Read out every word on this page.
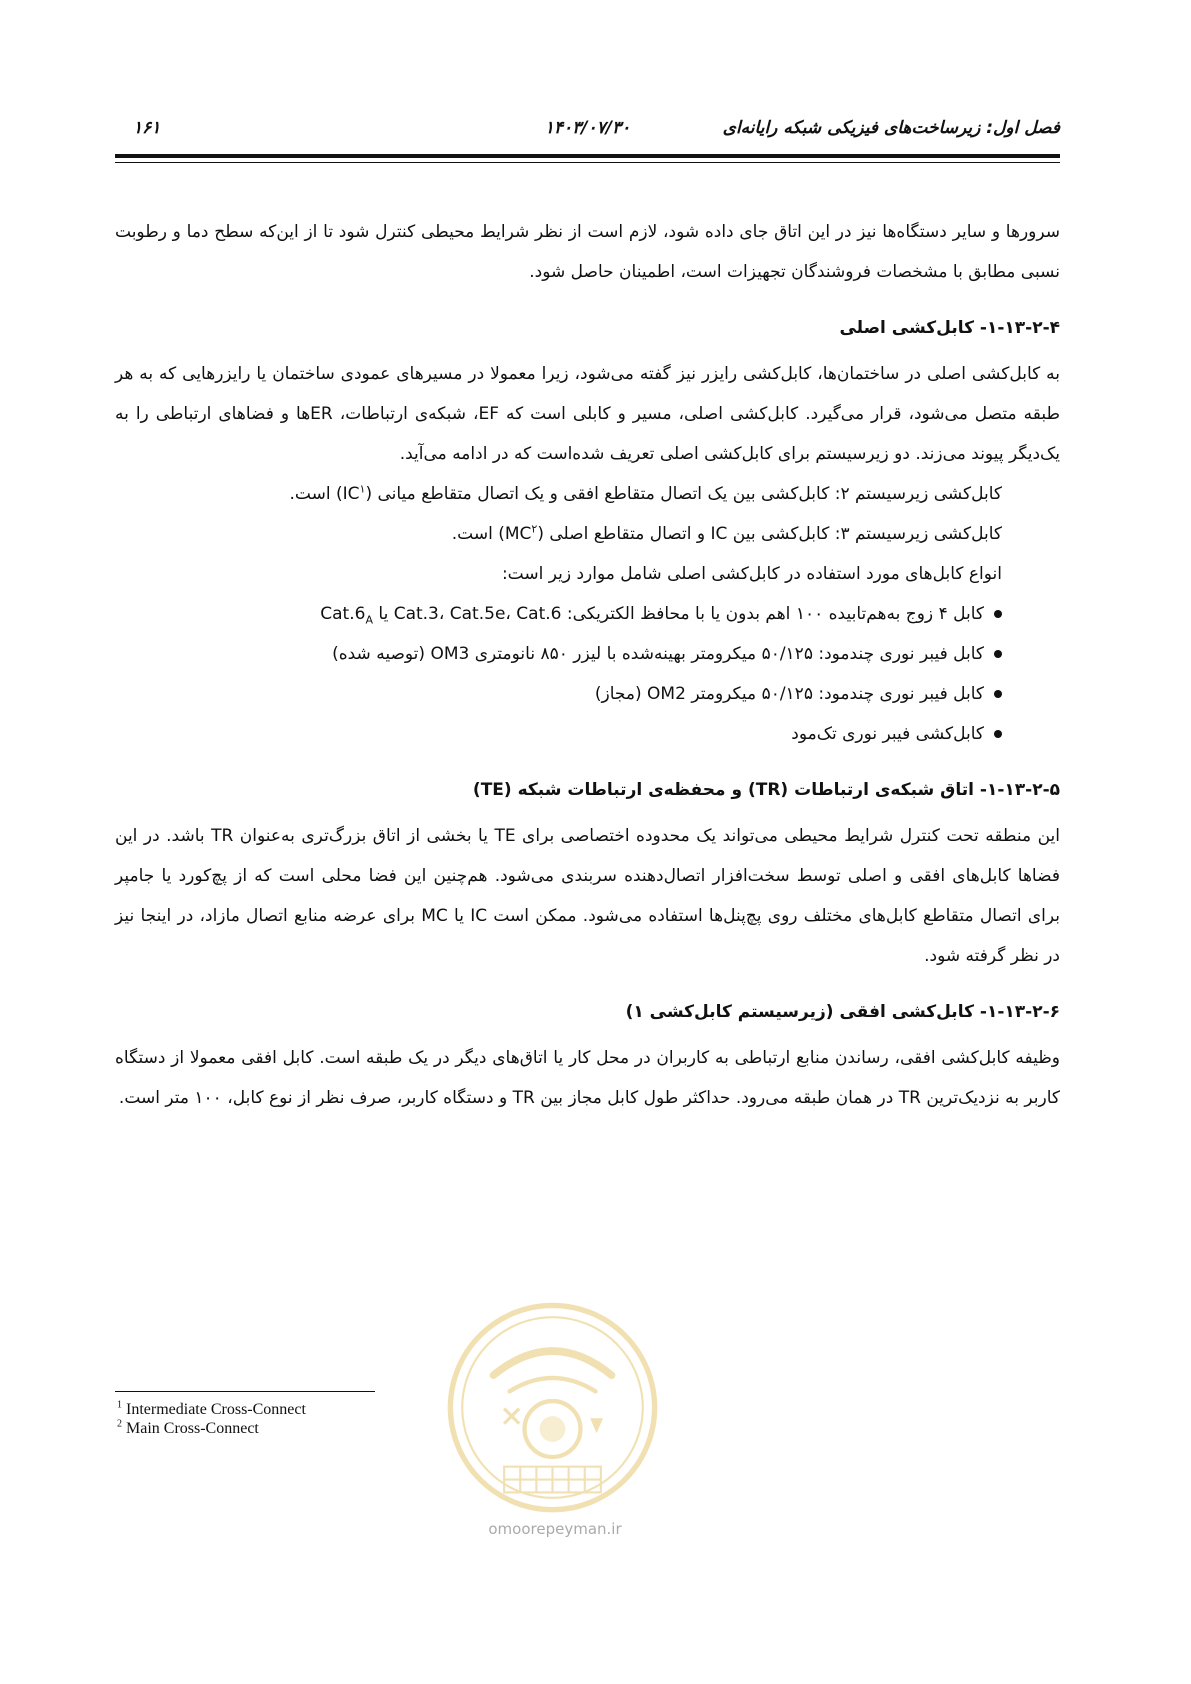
فصل اول: زیرساخت‌های فیزیکی شبکه رایانه‌ای
۱۴۰۳/۰۷/۳۰
۱۶۱

سرورها و سایر دستگاه‌ها نیز در این اتاق جای داده شود، لازم است از نظر شرایط محیطی کنترل شود تا از این‌که سطح دما و رطوبت نسبی مطابق با مشخصات فروشندگان تجهیزات است، اطمینان حاصل شود.

۱-۱۳-۲-۴- کابل‌کشی اصلی

به کابل‌کشی اصلی در ساختمان‌ها، کابل‌کشی رایزر نیز گفته می‌شود، زیرا معمولا در مسیرهای عمودی ساختمان یا رایزرهایی که به هر طبقه متصل می‌شود، قرار می‌گیرد. کابل‌کشی اصلی، مسیر و کابلی است که EF، شبکه‌ی ارتباطات، ERها و فضاهای ارتباطی را به یک‌دیگر پیوند می‌زند. دو زیرسیستم برای کابل‌کشی اصلی تعریف شده‌است که در ادامه می‌آید.

کابل‌کشی زیرسیستم ۲: کابل‌کشی بین یک اتصال متقاطع افقی و یک اتصال متقاطع میانی $(IC^۱)$ است.

کابل‌کشی زیرسیستم ۳: کابل‌کشی بین IC و اتصال متقاطع اصلی $(MC^۲)$ است.

انواع کابل‌های مورد استفاده در کابل‌کشی اصلی شامل موارد زیر است:

کابل ۴ زوج به‌هم‌تابیده ۱۰۰ اهم بدون یا با محافظ الکتریکی: Cat.3، Cat.5e، Cat.6 یا $Cat.6_A$
کابل فیبر نوری چندمود: ۵۰/۱۲۵ میکرومتر بهینه‌شده با لیزر ۸۵۰ نانومتری OM3 (توصیه شده)
کابل فیبر نوری چندمود: ۵۰/۱۲۵ میکرومتر OM2 (مجاز)
کابل‌کشی فیبر نوری تک‌مود
۱-۱۳-۲-۵- اتاق شبکه‌ی ارتباطات (TR) و محفظه‌ی ارتباطات شبکه (TE)

این منطقه تحت کنترل شرایط محیطی می‌تواند یک محدوده اختصاصی برای TE یا بخشی از اتاق بزرگ‌تری به‌عنوان TR باشد. در این فضاها کابل‌های افقی و اصلی توسط سخت‌افزار اتصال‌دهنده سربندی می‌شود. هم‌چنین این فضا محلی است که از پچ‌کورد یا جامپر برای اتصال متقاطع کابل‌های مختلف روی پچ‌پنل‌ها استفاده می‌شود. ممکن است IC یا MC برای عرضه منابع اتصال مازاد، در اینجا نیز در نظر گرفته شود.

۱-۱۳-۲-۶- کابل‌کشی افقی (زیرسیستم کابل‌کشی ۱)

وظیفه کابل‌کشی افقی، رساندن منابع ارتباطی به کاربران در محل کار یا اتاق‌های دیگر در یک طبقه است. کابل افقی معمولا از دستگاه کاربر به نزدیک‌ترین TR در همان طبقه می‌رود. حداکثر طول کابل مجاز بین TR و دستگاه کاربر، صرف نظر از نوع کابل، ۱۰۰ متر است.

$^1$ Intermediate Cross-Connect
$^2$ Main Cross-Connect
omoorepeyman.ir
